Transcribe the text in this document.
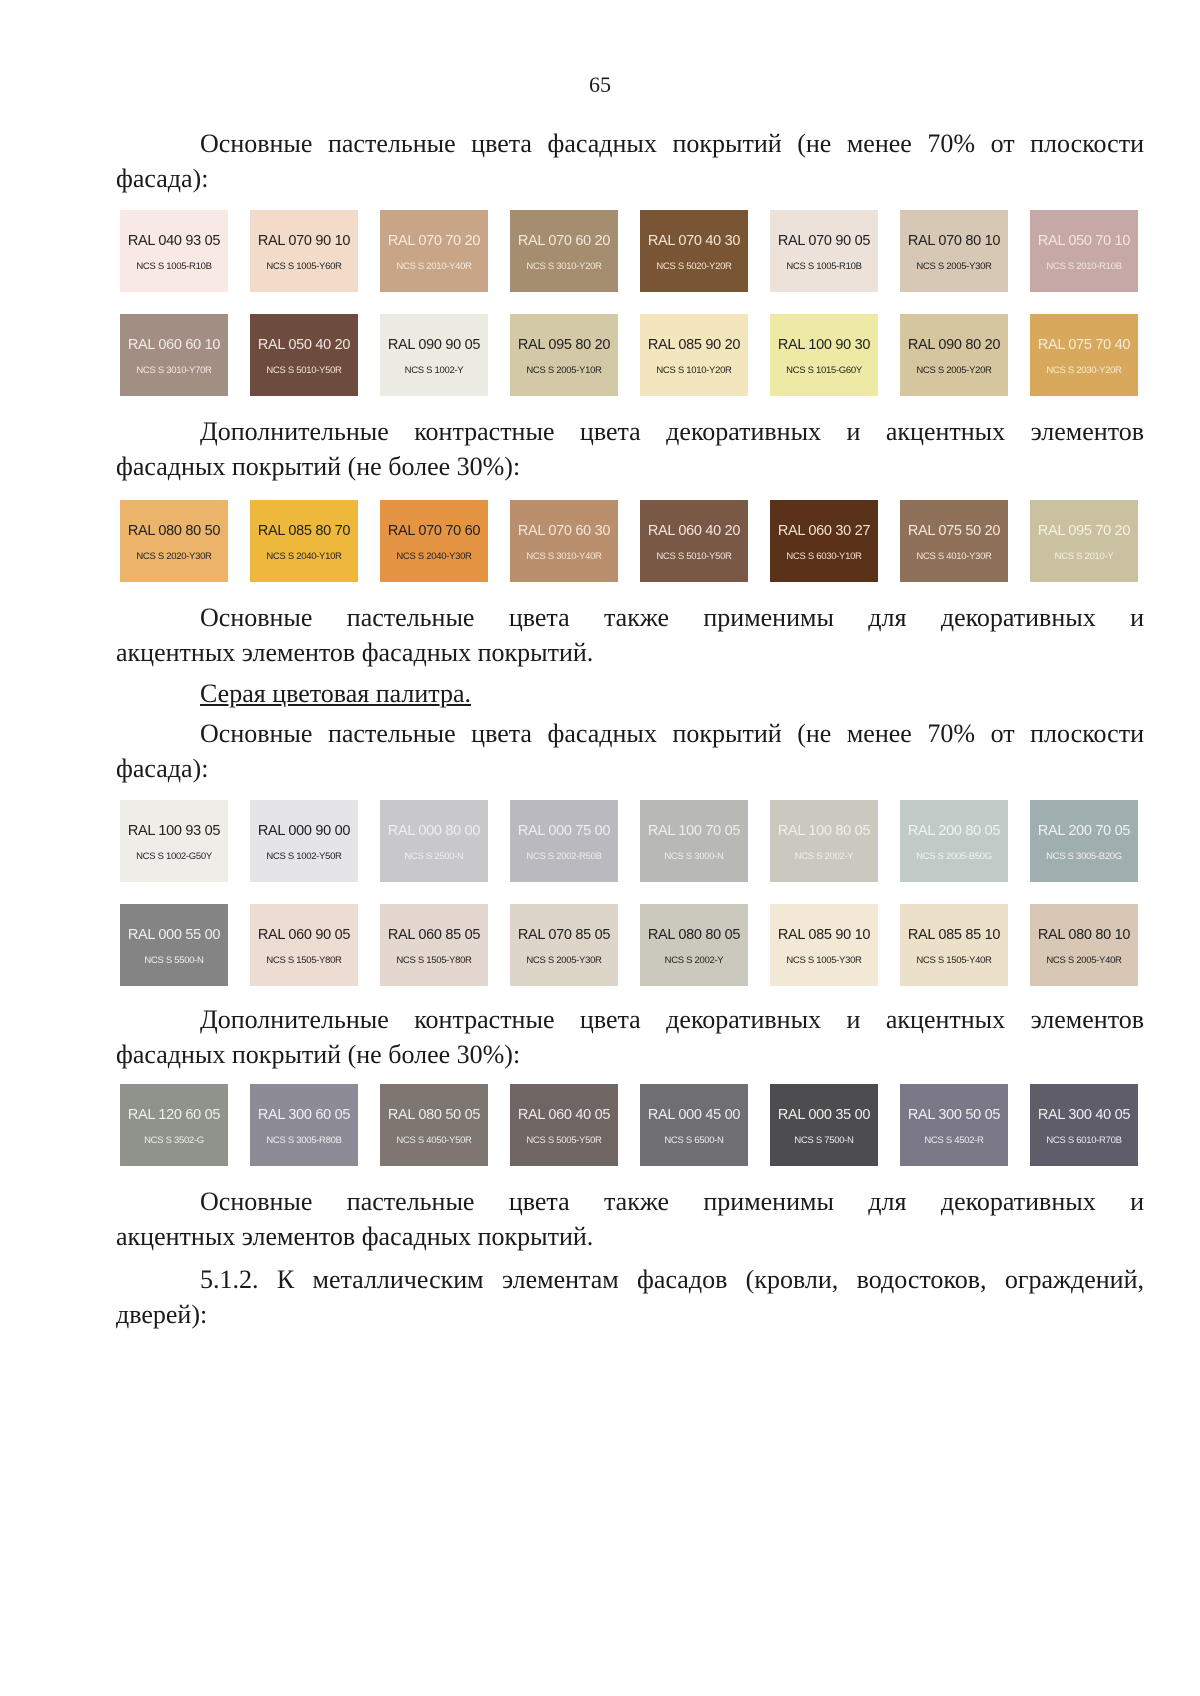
65

Основные пастельные цвета фасадных покрытий (не менее 70% от плоскости
фасада):

RAL 040 93 05
NCS S 1005-R10B
RAL 070 90 10
NCS S 1005-Y60R
RAL 070 70 20
NCS S 2010-Y40R
RAL 070 60 20
NCS S 3010-Y20R
RAL 070 40 30
NCS S 5020-Y20R
RAL 070 90 05
NCS S 1005-R10B
RAL 070 80 10
NCS S 2005-Y30R
RAL 050 70 10
NCS S 2010-R10B
RAL 060 60 10
NCS S 3010-Y70R
RAL 050 40 20
NCS S 5010-Y50R
RAL 090 90 05
NCS S 1002-Y
RAL 095 80 20
NCS S 2005-Y10R
RAL 085 90 20
NCS S 1010-Y20R
RAL 100 90 30
NCS S 1015-G60Y
RAL 090 80 20
NCS S 2005-Y20R
RAL 075 70 40
NCS S 2030-Y20R

Дополнительные контрастные цвета декоративных и акцентных элементов
фасадных покрытий (не более 30%):

RAL 080 80 50
NCS S 2020-Y30R
RAL 085 80 70
NCS S 2040-Y10R
RAL 070 70 60
NCS S 2040-Y30R
RAL 070 60 30
NCS S 3010-Y40R
RAL 060 40 20
NCS S 5010-Y50R
RAL 060 30 27
NCS S 6030-Y10R
RAL 075 50 20
NCS S 4010-Y30R
RAL 095 70 20
NCS S 2010-Y

Основные пастельные цвета также применимы для декоративных и
акцентных элементов фасадных покрытий.

Серая цветовая палитра.

Основные пастельные цвета фасадных покрытий (не менее 70% от плоскости
фасада):

RAL 100 93 05
NCS S 1002-G50Y
RAL 000 90 00
NCS S 1002-Y50R
RAL 000 80 00
NCS S 2500-N
RAL 000 75 00
NCS S 2002-R50B
RAL 100 70 05
NCS S 3000-N
RAL 100 80 05
NCS S 2002-Y
RAL 200 80 05
NCS S 2005-B50G
RAL 200 70 05
NCS S 3005-B20G
RAL 000 55 00
NCS S 5500-N
RAL 060 90 05
NCS S 1505-Y80R
RAL 060 85 05
NCS S 1505-Y80R
RAL 070 85 05
NCS S 2005-Y30R
RAL 080 80 05
NCS S 2002-Y
RAL 085 90 10
NCS S 1005-Y30R
RAL 085 85 10
NCS S 1505-Y40R
RAL 080 80 10
NCS S 2005-Y40R

Дополнительные контрастные цвета декоративных и акцентных элементов
фасадных покрытий (не более 30%):

RAL 120 60 05
NCS S 3502-G
RAL 300 60 05
NCS S 3005-R80B
RAL 080 50 05
NCS S 4050-Y50R
RAL 060 40 05
NCS S 5005-Y50R
RAL 000 45 00
NCS S 6500-N
RAL 000 35 00
NCS S 7500-N
RAL 300 50 05
NCS S 4502-R
RAL 300 40 05
NCS S 6010-R70B

Основные пастельные цвета также применимы для декоративных и
акцентных элементов фасадных покрытий.

5.1.2. К металлическим элементам фасадов (кровли, водостоков, ограждений,
дверей):
